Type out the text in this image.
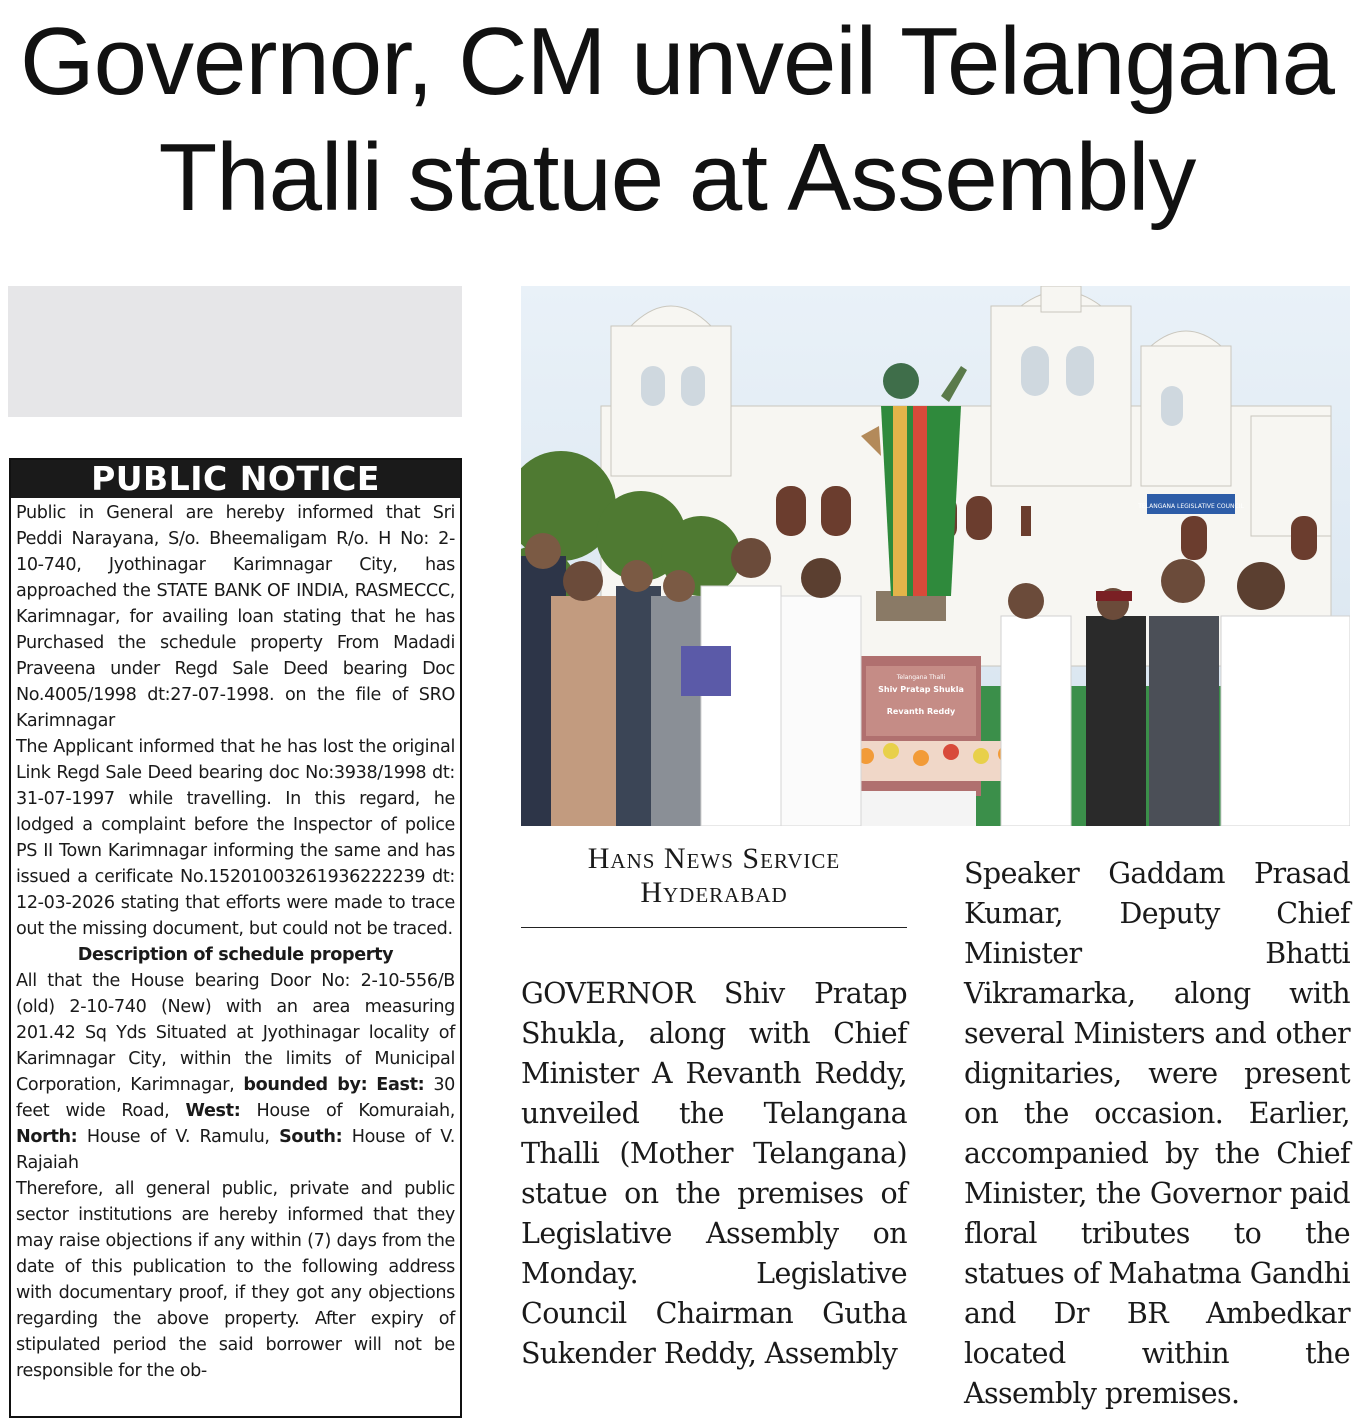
Governor, CM unveil Telangana
Thalli statue at Assembly
PUBLIC NOTICE

Public in General are hereby informed that Sri Peddi Narayana, S/o. Bheemaligam R/o. H No: 2-10-740, Jyothinagar Karimnagar City, has approached the STATE BANK OF INDIA, RASMECCC, Karimnagar, for availing loan stating that he has Purchased the schedule property From Madadi Praveena under Regd Sale Deed bearing Doc No.4005/1998 dt:27-07-1998. on the file of SRO Karimnagar

The Applicant informed that he has lost the original Link Regd Sale Deed bearing doc No:3938/1998 dt: 31-07-1997 while travelling. In this regard, he lodged a complaint before the Inspector of police PS II Town Karimnagar informing the same and has issued a cerificate No.15201003261936222239 dt: 12-03-2026 stating that efforts were made to trace out the missing document, but could not be traced.

Description of schedule property

All that the House bearing Door No: 2-10-556/B (old) 2-10-740 (New) with an area measuring 201.42 Sq Yds Situated at Jyothinagar locality of Karimnagar City, within the limits of Municipal Corporation, Karimnagar, bounded by: East: 30 feet wide Road, West: House of Komuraiah, North: House of V. Ramulu, South: House of V. Rajaiah

Therefore, all general public, private and public sector institutions are hereby informed that they may raise objections if any within (7) days from the date of this publication to the following address with documentary proof, if they got any objections regarding the above property. After expiry of stipulated period the said borrower will not be responsible for the ob-

TELANGANA LEGISLATIVE COUNCIL
Telangana Thalli
Shiv Pratap Shukla
Revanth Reddy
Hans News Service
Hyderabad
GOVERNOR Shiv Pratap Shukla, along with Chief Minister A Revanth Reddy, unveiled the Telangana Thalli (Mother Telangana) statue on the premises of Legislative Assembly on Monday. Legislative Council Chairman Gutha Sukender Reddy, Assembly
Speaker Gaddam Prasad Kumar, Deputy Chief Minister Bhatti Vikramarka, along with several Ministers and other dignitaries, were present on the occasion. Earlier, accompanied by the Chief Minister, the Governor paid floral tributes to the statues of Mahatma Gandhi and Dr BR Ambedkar located within the Assembly premises.
